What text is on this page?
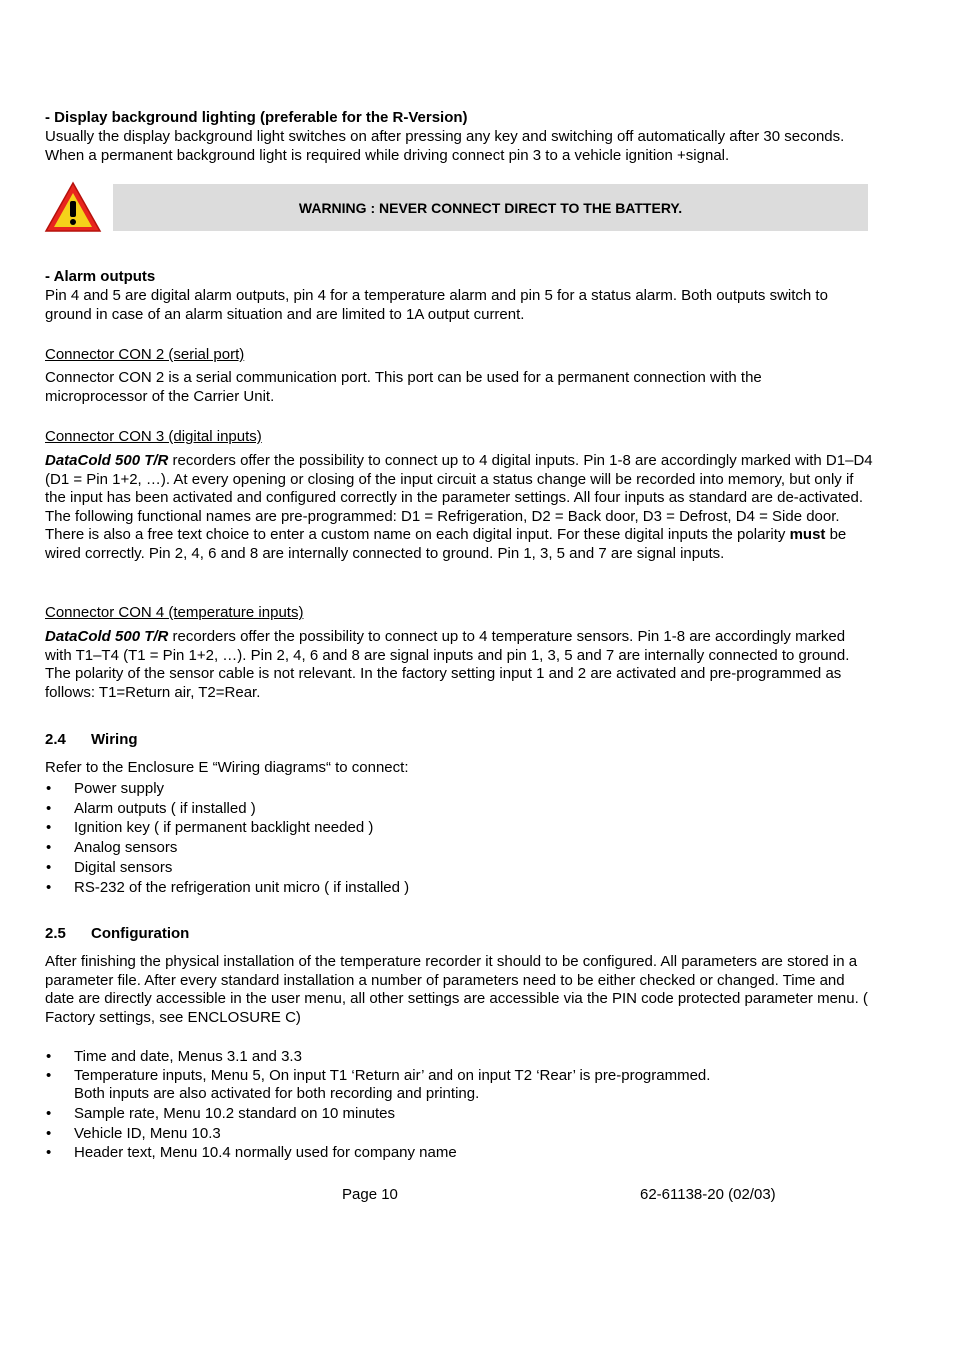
- Display background lighting (preferable for the R-Version)

Usually the display background light switches on after pressing any key and switching off automatically after 30 seconds. When a permanent background light is required while driving connect pin 3 to a vehicle ignition +signal.

WARNING : NEVER CONNECT DIRECT TO THE BATTERY.

- Alarm outputs

Pin 4 and 5 are digital alarm outputs, pin 4 for a temperature alarm and pin 5 for a status alarm. Both outputs switch to ground in case of an alarm situation and are limited to 1A output current.

Connector CON 2 (serial port)

Connector CON 2 is a serial communication port. This port can be used for a permanent connection with the microprocessor of the Carrier Unit.

Connector CON 3 (digital inputs)

DataCold 500 T/R recorders offer the possibility to connect up to 4 digital inputs. Pin 1-8 are accordingly marked with D1–D4 (D1 = Pin 1+2, …). At every opening or closing of the input circuit a status change will be recorded into memory, but only if the input has been activated and configured correctly in the parameter settings. All four inputs as standard are de-activated. The following functional names are pre-programmed: D1 = Refrigeration, D2 = Back door, D3 = Defrost, D4 = Side door. There is also a free text choice to enter a custom name on each digital input. For these digital inputs the polarity must be wired correctly. Pin 2, 4, 6 and 8 are internally connected to ground. Pin 1, 3, 5 and 7 are signal inputs.

Connector CON 4 (temperature inputs)

DataCold 500 T/R recorders offer the possibility to connect up to 4 temperature sensors. Pin 1-8 are accordingly marked with T1–T4 (T1 = Pin 1+2, …). Pin 2, 4, 6 and 8 are signal inputs and pin 1, 3, 5 and 7 are internally connected to ground. The polarity of the sensor cable is not relevant. In the factory setting input 1 and 2 are activated and pre-programmed as follows: T1=Return air, T2=Rear.

2.4 Wiring

Refer to the Enclosure E “Wiring diagrams“ to connect:

• Power supply
• Alarm outputs ( if installed )
• Ignition key ( if permanent backlight needed )
• Analog sensors
• Digital sensors
• RS-232 of the refrigeration unit micro ( if installed )
2.5 Configuration

After finishing the physical installation of the temperature recorder it should to be configured. All parameters are stored in a parameter file. After every standard installation a number of parameters need to be either checked or changed. Time and date are directly accessible in the user menu, all other settings are accessible via the PIN code protected parameter menu. ( Factory settings, see ENCLOSURE C)

• Time and date, Menus 3.1 and 3.3
• Temperature inputs, Menu 5, On input T1 ‘Return air’ and on input T2 ‘Rear’ is pre-programmed.
Both inputs are also activated for both recording and printing.
• Sample rate, Menu 10.2 standard on 10 minutes
• Vehicle ID, Menu 10.3
• Header text, Menu 10.4 normally used for company name
Page 10	62-61138-20 (02/03)
